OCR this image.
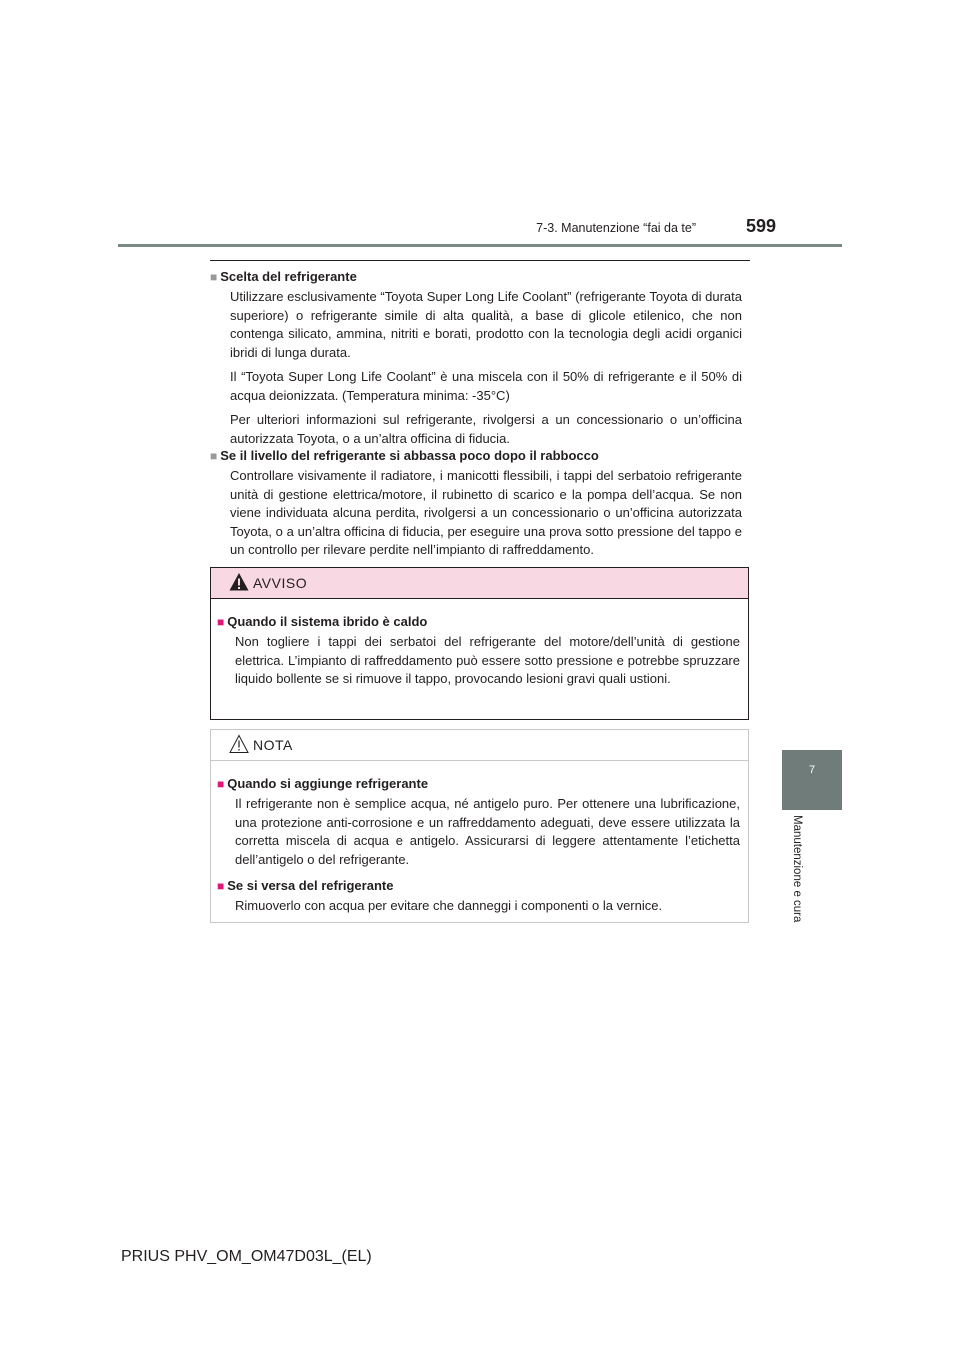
7-3. Manutenzione “fai da te”	599
7
Manutenzione e cura

■ Scelta del refrigerante

Utilizzare esclusivamente “Toyota Super Long Life Coolant” (refrigerante Toyota di durata superiore) o refrigerante simile di alta qualità, a base di glicole etilenico, che non contenga silicato, ammina, nitriti e borati, prodotto con la tecnologia degli acidi organici ibridi di lunga durata.

Il “Toyota Super Long Life Coolant” è una miscela con il 50% di refrigerante e il 50% di acqua deionizzata. (Temperatura minima: -35°C)

Per ulteriori informazioni sul refrigerante, rivolgersi a un concessionario o un’officina autorizzata Toyota, o a un’altra officina di fiducia.

■ Se il livello del refrigerante si abbassa poco dopo il rabbocco

Controllare visivamente il radiatore, i manicotti flessibili, i tappi del serbatoio refrigerante unità di gestione elettrica/motore, il rubinetto di scarico e la pompa dell’acqua. Se non viene individuata alcuna perdita, rivolgersi a un concessionario o un’officina autorizzata Toyota, o a un’altra officina di fiducia, per eseguire una prova sotto pressione del tappo e un controllo per rilevare perdite nell’impianto di raffreddamento.

AVVISO

■ Quando il sistema ibrido è caldo

Non togliere i tappi dei serbatoi del refrigerante del motore/dell’unità di gestione elettrica. L’impianto di raffreddamento può essere sotto pressione e potrebbe spruzzare liquido bollente se si rimuove il tappo, provocando lesioni gravi quali ustioni.

NOTA

■ Quando si aggiunge refrigerante

Il refrigerante non è semplice acqua, né antigelo puro. Per ottenere una lubrificazione, una protezione anti-corrosione e un raffreddamento adeguati, deve essere utilizzata la corretta miscela di acqua e antigelo. Assicurarsi di leggere attentamente l’etichetta dell’antigelo o del refrigerante.

■ Se si versa del refrigerante

Rimuoverlo con acqua per evitare che danneggi i componenti o la vernice.

PRIUS PHV_OM_OM47D03L_(EL)
